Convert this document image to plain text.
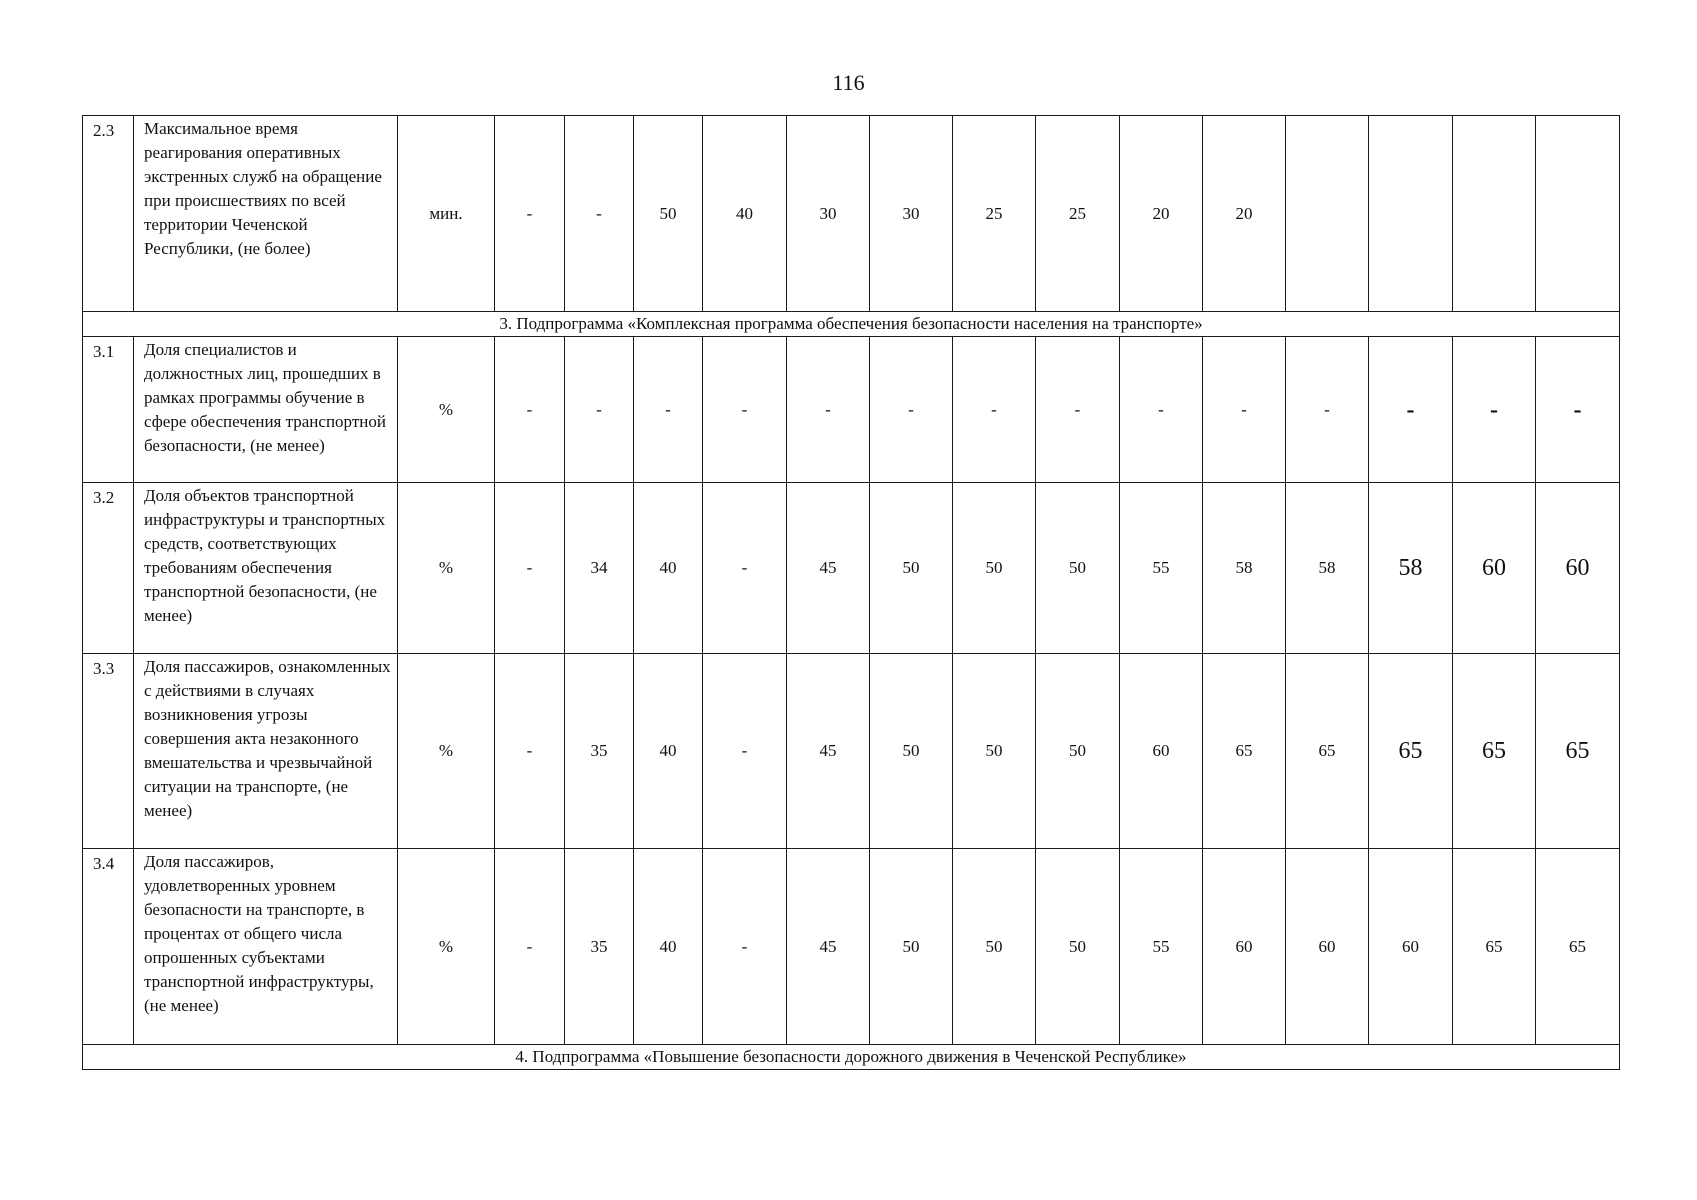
116
2.3	Максимальное время реагирования оперативных экстренных служб на обращение при происшествиях по всей территории Чеченской Республики, (не более)	мин.	-	-	50	40	30	30	25	25	20	20				
3. Подпрограмма «Комплексная программа обеспечения безопасности населения на транспорте»																
3.1	Доля специалистов и должностных лиц, прошедших в рамках программы обучение в сфере обеспечения транспортной безопасности, (не менее)	%	-	-	-	-	-	-	-	-	-	-	-	-	-	-
3.2	Доля объектов транспортной инфраструктуры и транспортных средств, соответствующих требованиям обеспечения транспортной безопасности, (не менее)	%	-	34	40	-	45	50	50	50	55	58	58	58	60	60
3.3	Доля пассажиров, ознакомленных с действиями в случаях возникновения угрозы совершения акта незаконного вмешательства и чрезвычайной ситуации на транспорте, (не менее)	%	-	35	40	-	45	50	50	50	60	65	65	65	65	65
3.4	Доля пассажиров, удовлетворенных уровнем безопасности на транспорте, в процентах от общего числа опрошенных субъектами транспортной инфраструктуры, (не менее)	%	-	35	40	-	45	50	50	50	55	60	60	60	65	65
4. Подпрограмма «Повышение безопасности дорожного движения в Чеченской Республике»																
